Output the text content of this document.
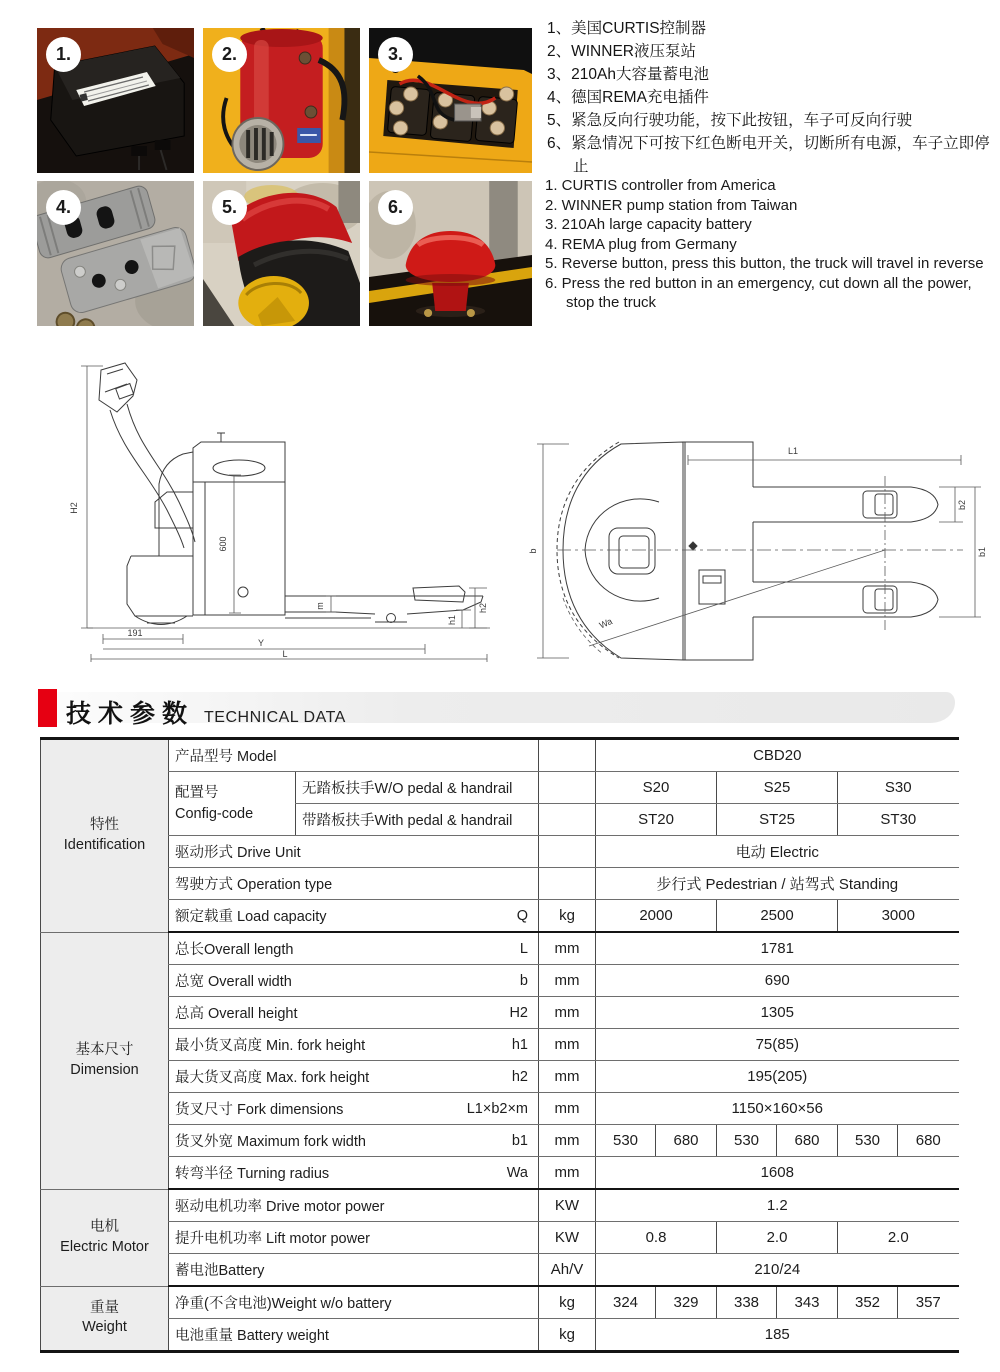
1.	2.	3.
4.	5.	6.
1、美国CURTIS控制器
2、WINNER液压泵站
3、210Ah大容量蓄电池
4、德国REMA充电插件
5、紧急反向行驶功能，按下此按钮，车子可反向行驶
6、紧急情况下可按下红色断电开关，切断所有电源，车子立即停止
1. CURTIS controller from America
2. WINNER pump station from Taiwan
3. 210Ah large capacity battery
4. REMA plug from Germany
5. Reverse button, press this button, the truck will travel in reverse
6. Press the red button in an emergency, cut down all the power, stop the truck
H2
600
m	h2
h1
191
Y
L
L1
b2
b1
b
Wa
技术参数 TECHNICAL DATA
特性
Identification	产品型号 Model			CBD20					

	配置号
Config-code	无踏板扶手W/O pedal & handrail		S20		S25		S30	
		带踏板扶手With pedal & handrail		ST20		ST25		ST30	

	驱动形式 Drive Unit			电动 Electric					

	驾驶方式 Operation type			步行式 Pedestrian / 站驾式 Standing					

	额定载重 Load capacity Q		kg	2000		2500		3000	

基本尺寸
Dimension

总长Overall length	L	mm	1781

	总宽 Overall width b		mm	690					

	总高 Overall height H2		mm	1305					

	最小货叉高度 Min. fork height h1		mm	75(85)					

	最大货叉高度 Max. fork height h2		mm	195(205)					

	货叉尺寸 Fork dimensions L1×b2×m		mm	1150×160×56					

	货叉外宽 Maximum fork width b1		mm	530	680	530	680	530	680

	转弯半径 Turning radius Wa		mm	1608					

电机
Electric Motor	驱动电机功率 Drive motor power		KW	1.2					

	提升电机功率 Lift motor power		KW	0.8		2.0		2.0	

	蓄电池Battery		Ah/V	210/24					

重量
Weight	净重(不含电池)Weight w/o battery		kg	324	329	338	343	352	357

	电池重量 Battery weight		kg	185					
